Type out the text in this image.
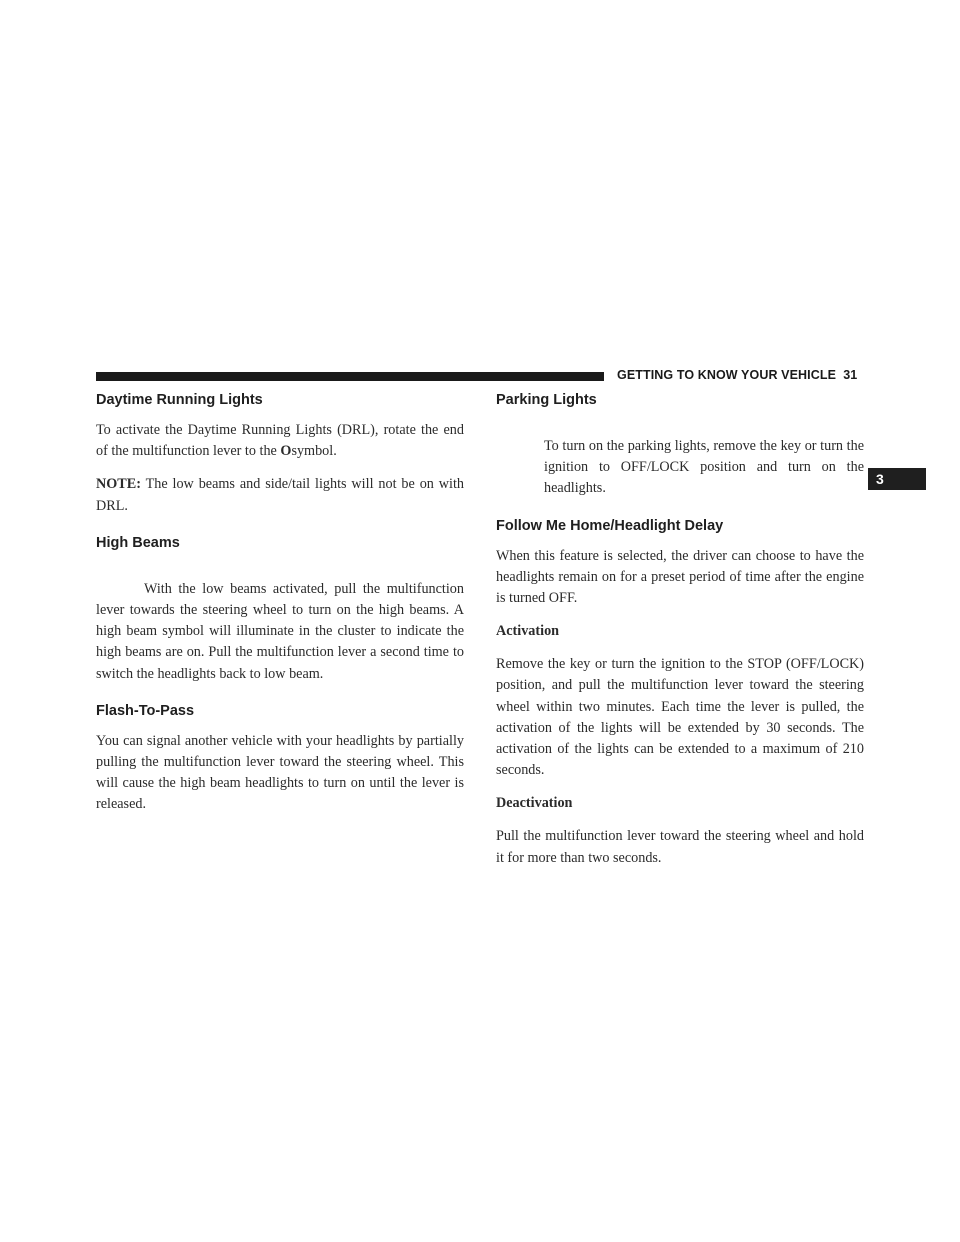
GETTING TO KNOW YOUR VEHICLE 31
3
Daytime Running Lights

To activate the Daytime Running Lights (DRL), rotate the end of the multifunction lever to the Osymbol.

NOTE: The low beams and side/tail lights will not be on with DRL.

High Beams

With the low beams activated, pull the multifunction lever towards the steering wheel to turn on the high beams. A high beam symbol will illuminate in the cluster to indicate the high beams are on. Pull the multifunction lever a second time to switch the headlights back to low beam.

Flash-To-Pass

You can signal another vehicle with your headlights by partially pulling the multifunction lever toward the steering wheel. This will cause the high beam headlights to turn on until the lever is released.

Parking Lights

To turn on the parking lights, remove the key or turn the ignition to OFF/LOCK position and turn on the headlights.

Follow Me Home/Headlight Delay

When this feature is selected, the driver can choose to have the headlights remain on for a preset period of time after the engine is turned OFF.

Activation

Remove the key or turn the ignition to the STOP (OFF/LOCK) position, and pull the multifunction lever toward the steering wheel within two minutes. Each time the lever is pulled, the activation of the lights will be extended by 30 seconds. The activation of the lights can be extended to a maximum of 210 seconds.

Deactivation

Pull the multifunction lever toward the steering wheel and hold it for more than two seconds.
